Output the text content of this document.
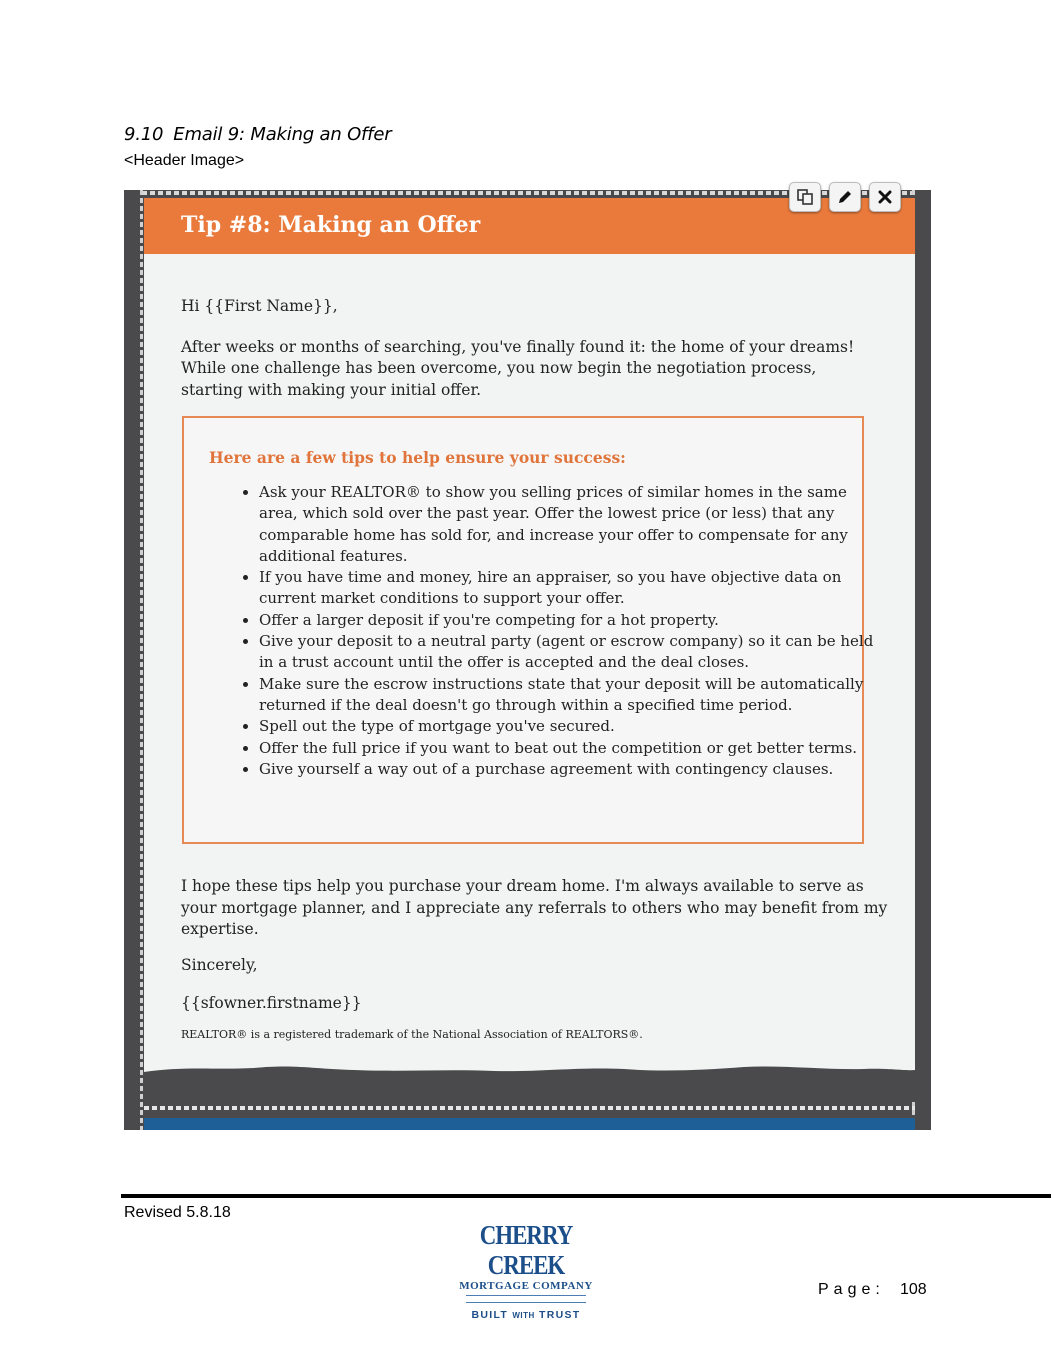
9.10 Email 9: Making an Offer
<Header Image>
Tip #8: Making an Offer

Hi {{First Name}},

After weeks or months of searching, you've finally found it: the home of your dreams! While one challenge has been overcome, you now begin the negotiation process, starting with making your initial offer.

Here are a few tips to help ensure your success:
• Ask your REALTOR® to show you selling prices of similar homes in the same area, which sold over the past year. Offer the lowest price (or less) that any comparable home has sold for, and increase your offer to compensate for any additional features.
• If you have time and money, hire an appraiser, so you have objective data on current market conditions to support your offer.
• Offer a larger deposit if you're competing for a hot property.
• Give your deposit to a neutral party (agent or escrow company) so it can be held in a trust account until the offer is accepted and the deal closes.
• Make sure the escrow instructions state that your deposit will be automatically returned if the deal doesn't go through within a specified time period.
• Spell out the type of mortgage you've secured.
• Offer the full price if you want to beat out the competition or get better terms.
• Give yourself a way out of a purchase agreement with contingency clauses.

I hope these tips help you purchase your dream home. I'm always available to serve as your mortgage planner, and I appreciate any referrals to others who may benefit from my expertise.

Sincerely,

{{sfowner.firstname}}

REALTOR® is a registered trademark of the National Association of REALTORS®.

Revised 5.8.18
CHERRY CREEK
MORTGAGE COMPANY
BUILT WITH TRUST
Page: 108
